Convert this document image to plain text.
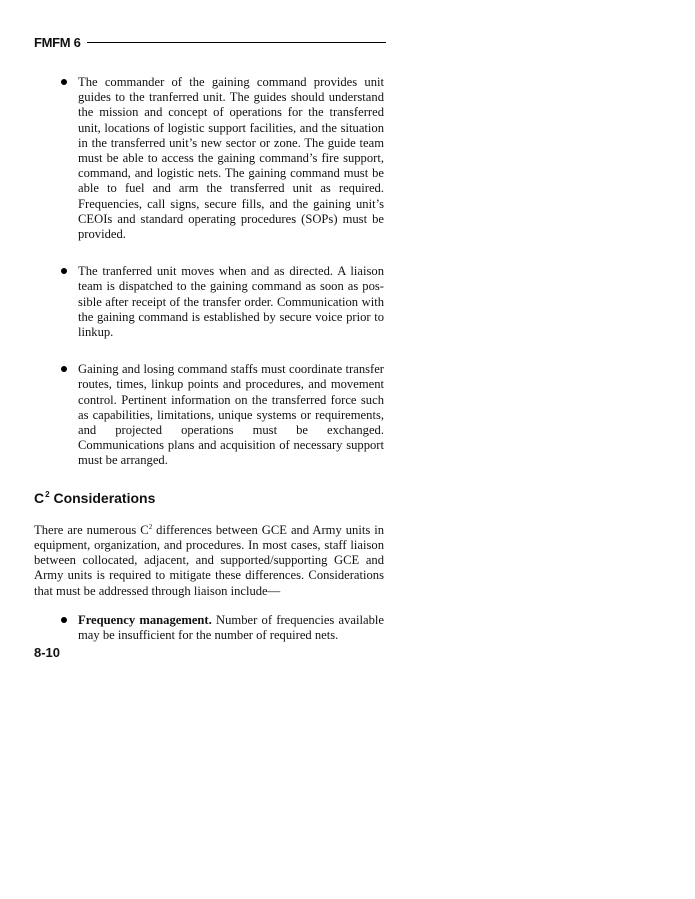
FMFM 6
The commander of the gaining command provides unit guides to the tranferred unit. The guides should understand the mission and concept of operations for the transferred unit, locations of logistic support facilities, and the situation in the transferred unit’s new sector or zone. The guide team must be able to access the gaining command’s fire support, command, and logistic nets. The gaining command must be able to fuel and arm the transferred unit as required. Frequencies, call signs, secure fills, and the gaining unit’s CEOIs and standard operating procedures (SOPs) must be provided.
The tranferred unit moves when and as directed. A liaison team is dispatched to the gaining command as soon as possible after receipt of the transfer order. Communication with the gaining command is established by secure voice prior to linkup.
Gaining and losing command staffs must coordinate transfer routes, times, linkup points and procedures, and movement control. Pertinent information on the transferred force such as capabilities, limitations, unique systems or requirements, and projected operations must be exchanged. Communications plans and acquisition of necessary support must be arranged.
$C^2$ Considerations
There are numerous $C^2$ differences between GCE and Army units in equipment, organization, and procedures. In most cases, staff liaison between collocated, adjacent, and supported/supporting GCE and Army units is required to mitigate these differences. Considerations that must be addressed through liaison include—
Frequency management. Number of frequencies available may be insufficient for the number of required nets.
8-10
